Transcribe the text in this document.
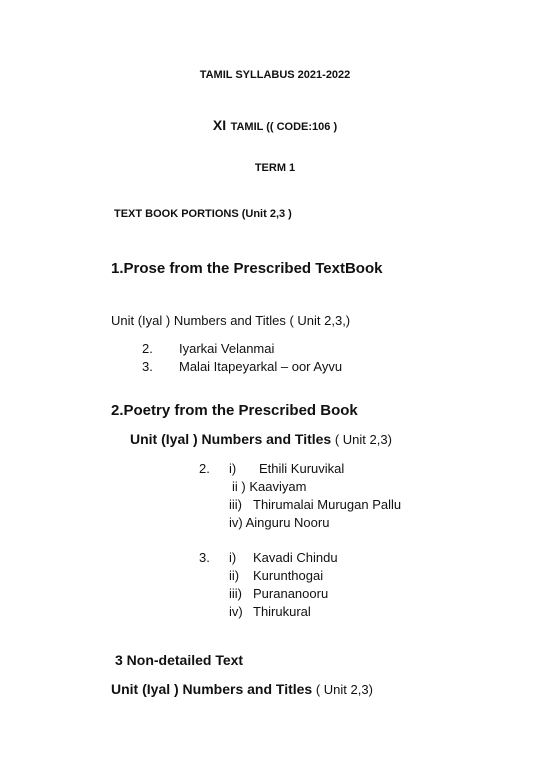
TAMIL SYLLABUS 2021-2022
XI TAMIL (( CODE:106 )
TERM 1
TEXT BOOK PORTIONS (Unit 2,3 )
1.Prose from the Prescribed TextBook
Unit (Iyal ) Numbers and Titles ( Unit 2,3,)
2. Iyarkai Velanmai
3. Malai Itapeyarkal – oor Ayvu
2.Poetry from the Prescribed Book
Unit (Iyal ) Numbers and Titles ( Unit 2,3)
2. i) Ethili Kuruvikal
ii ) Kaaviyam
iii) Thirumalai Murugan Pallu
iv) Ainguru Nooru
3. i) Kavadi Chindu
ii) Kurunthogai
iii) Purananooru
iv) Thirukural
3 Non-detailed Text
Unit (Iyal ) Numbers and Titles ( Unit 2,3)
